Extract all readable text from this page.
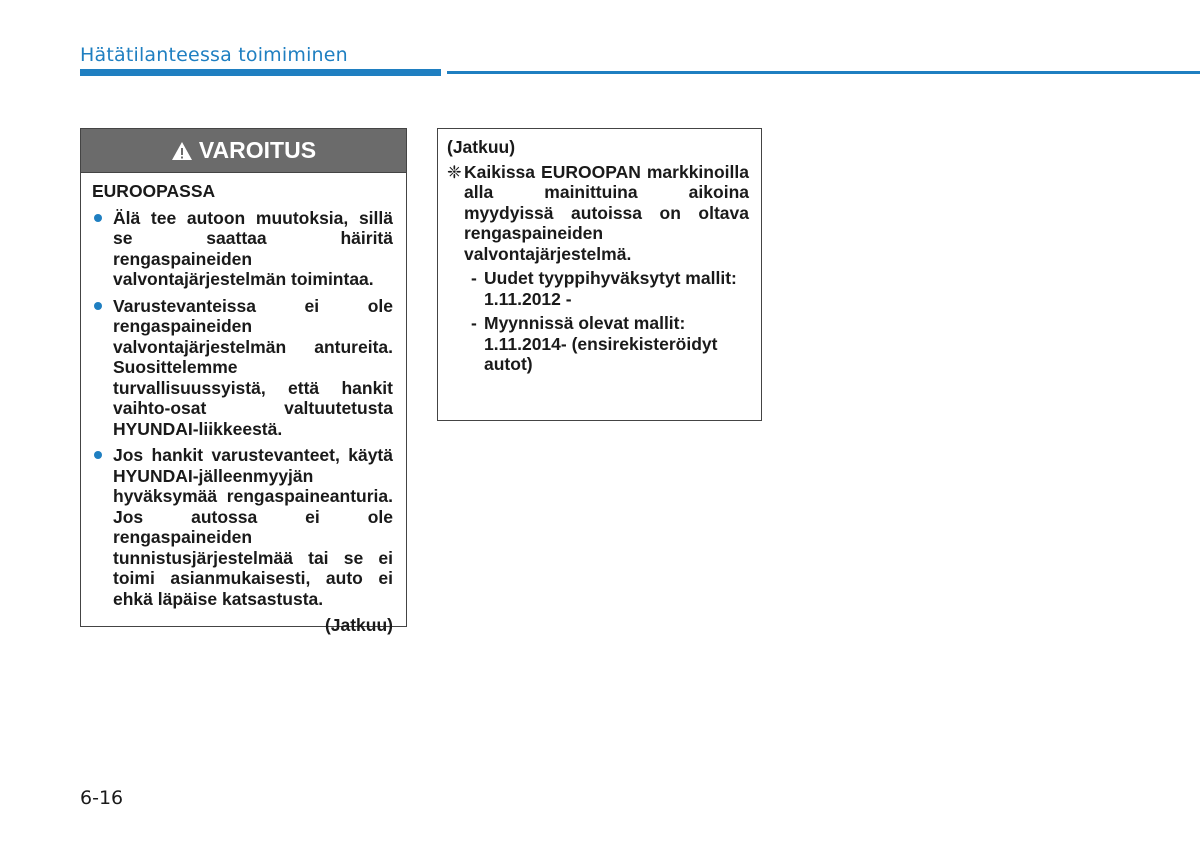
Hätätilanteessa toimiminen
VAROITUS
EUROOPASSA
Älä tee autoon muutoksia, sillä se saattaa häiritä rengaspaineiden valvontajärjestelmän toimintaa.
Varustevanteissa ei ole rengaspaineiden valvontajärjestelmän antureita. Suosittelemme turvallisuussyistä, että hankit vaihto-osat valtuutetusta HYUNDAI-liikkeestä.
Jos hankit varustevanteet, käytä HYUNDAI-jälleenmyyjän hyväksymää rengaspaineanturia. Jos autossa ei ole rengaspaineiden tunnistusjärjestelmää tai se ei toimi asianmukaisesti, auto ei ehkä läpäise katsastusta.
(Jatkuu)
(Jatkuu)
❈ Kaikissa EUROOPAN markkinoilla alla mainittuina aikoina myydyissä autoissa on oltava rengaspaineiden valvontajärjestelmä.
- Uudet tyyppihyväksytyt mallit:
1.11.2012 -
- Myynnissä olevat mallit:
1.11.2014- (ensirekisteröidyt autot)
6-16
